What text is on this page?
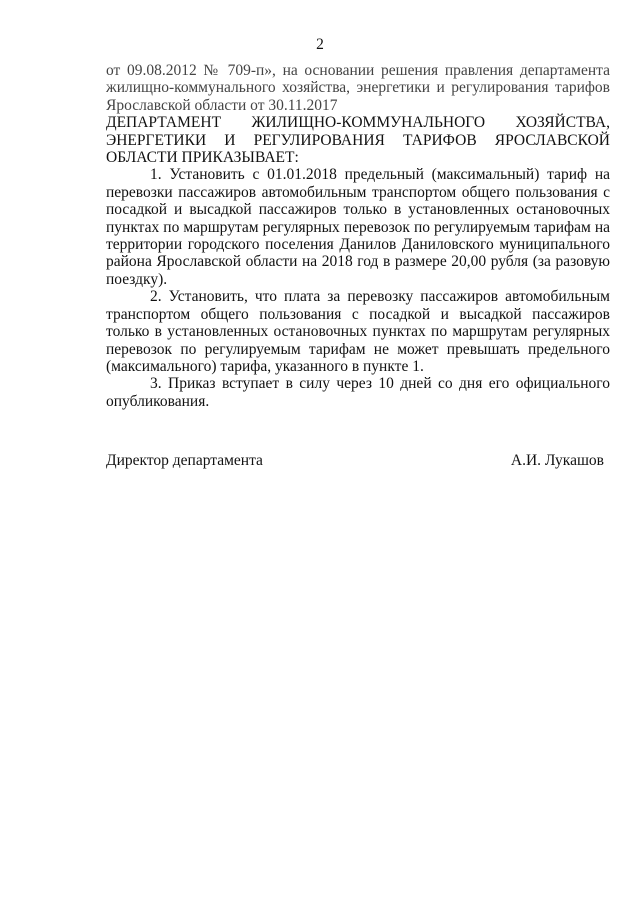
2

от 09.08.2012 № 709-п», на основании решения правления департамента жилищно-коммунального хозяйства, энергетики и регулирования тарифов Ярославской области от 30.11.2017

ДЕПАРТАМЕНТ ЖИЛИЩНО-КОММУНАЛЬНОГО ХОЗЯЙСТВА, ЭНЕРГЕТИКИ И РЕГУЛИРОВАНИЯ ТАРИФОВ ЯРОСЛАВСКОЙ ОБЛАСТИ ПРИКАЗЫВАЕТ:

1. Установить с 01.01.2018 предельный (максимальный) тариф на перевозки пассажиров автомобильным транспортом общего пользования с посадкой и высадкой пассажиров только в установленных остановочных пунктах по маршрутам регулярных перевозок по регулируемым тарифам на территории городского поселения Данилов Даниловского муниципального района Ярославской области на 2018 год в размере 20,00 рубля (за разовую поездку).

2. Установить, что плата за перевозку пассажиров автомобильным транспортом общего пользования с посадкой и высадкой пассажиров только в установленных остановочных пунктах по маршрутам регулярных перевозок по регулируемым тарифам не может превышать предельного (максимального) тарифа, указанного в пункте 1.

3. Приказ вступает в силу через 10 дней со дня его официального опубликования.

Директор департамента	А.И. Лукашов
